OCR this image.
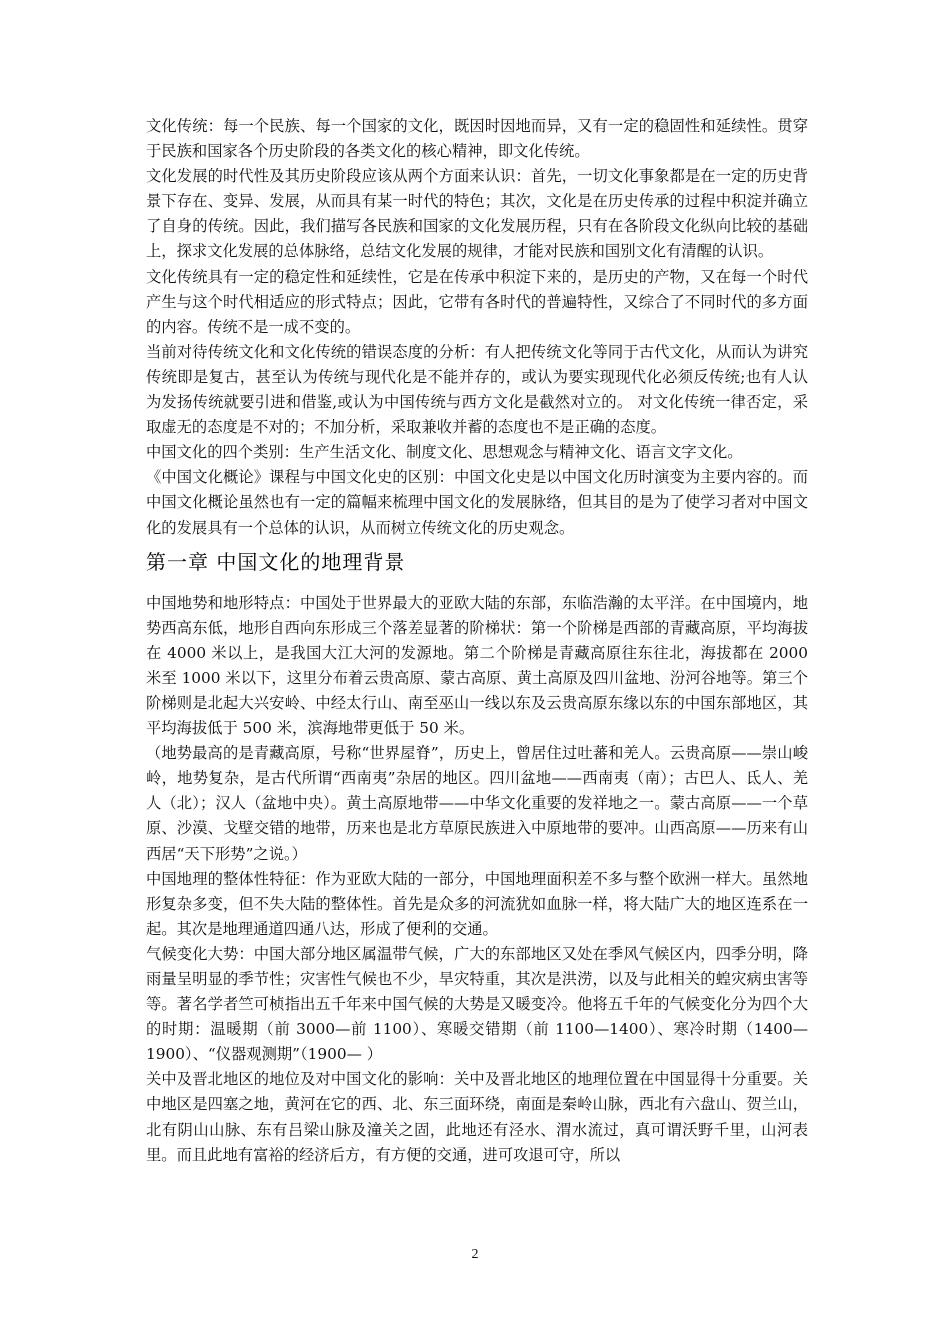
文化传统：每一个民族、每一个国家的文化，既因时因地而异，又有一定的稳固性和延续性。贯穿于民族和国家各个历史阶段的各类文化的核心精神，即文化传统。

文化发展的时代性及其历史阶段应该从两个方面来认识：首先，一切文化事象都是在一定的历史背景下存在、变异、发展，从而具有某一时代的特色；其次，文化是在历史传承的过程中积淀并确立了自身的传统。因此，我们描写各民族和国家的文化发展历程，只有在各阶段文化纵向比较的基础上，探求文化发展的总体脉络，总结文化发展的规律，才能对民族和国别文化有清醒的认识。

文化传统具有一定的稳定性和延续性，它是在传承中积淀下来的，是历史的产物，又在每一个时代产生与这个时代相适应的形式特点；因此，它带有各时代的普遍特性，又综合了不同时代的多方面的内容。传统不是一成不变的。

当前对待传统文化和文化传统的错误态度的分析：有人把传统文化等同于古代文化，从而认为讲究传统即是复古，甚至认为传统与现代化是不能并存的，或认为要实现现代化必须反传统;也有人认为发扬传统就要引进和借鉴,或认为中国传统与西方文化是截然对立的。 对文化传统一律否定，采取虚无的态度是不对的；不加分析，采取兼收并蓄的态度也不是正确的态度。

中国文化的四个类别：生产生活文化、制度文化、思想观念与精神文化、语言文字文化。

《中国文化概论》课程与中国文化史的区别：中国文化史是以中国文化历时演变为主要内容的。而中国文化概论虽然也有一定的篇幅来梳理中国文化的发展脉络，但其目的是为了使学习者对中国文化的发展具有一个总体的认识，从而树立传统文化的历史观念。

第一章 中国文化的地理背景

中国地势和地形特点：中国处于世界最大的亚欧大陆的东部，东临浩瀚的太平洋。在中国境内，地势西高东低，地形自西向东形成三个落差显著的阶梯状：第一个阶梯是西部的青藏高原，平均海拔在 4000 米以上，是我国大江大河的发源地。第二个阶梯是青藏高原往东往北，海拔都在 2000 米至 1000 米以下，这里分布着云贵高原、蒙古高原、黄土高原及四川盆地、汾河谷地等。第三个阶梯则是北起大兴安岭、中经太行山、南至巫山一线以东及云贵高原东缘以东的中国东部地区，其平均海拔低于 500 米，滨海地带更低于 50 米。

（地势最高的是青藏高原，号称“世界屋脊”，历史上，曾居住过吐蕃和羌人。云贵高原——崇山峻岭，地势复杂，是古代所谓“西南夷”杂居的地区。四川盆地——西南夷（南）；古巴人、氐人、羌人（北）；汉人（盆地中央）。黄土高原地带——中华文化重要的发祥地之一。蒙古高原——一个草原、沙漠、戈壁交错的地带，历来也是北方草原民族进入中原地带的要冲。山西高原——历来有山西居“天下形势”之说。）

中国地理的整体性特征：作为亚欧大陆的一部分，中国地理面积差不多与整个欧洲一样大。虽然地形复杂多变，但不失大陆的整体性。首先是众多的河流犹如血脉一样，将大陆广大的地区连系在一起。其次是地理通道四通八达，形成了便利的交通。

气候变化大势：中国大部分地区属温带气候，广大的东部地区又处在季风气候区内，四季分明，降雨量呈明显的季节性；灾害性气候也不少，旱灾特重，其次是洪涝，以及与此相关的蝗灾病虫害等等。著名学者竺可桢指出五千年来中国气候的大势是又暖变冷。他将五千年的气候变化分为四个大的时期：温暖期（前 3000—前 1100）、寒暖交错期（前 1100—1400）、寒冷时期（1400—1900）、“仪器观测期”（1900— ）

关中及晋北地区的地位及对中国文化的影响：关中及晋北地区的地理位置在中国显得十分重要。关中地区是四塞之地，黄河在它的西、北、东三面环绕，南面是秦岭山脉，西北有六盘山、贺兰山，北有阴山山脉、东有吕梁山脉及潼关之固，此地还有泾水、渭水流过，真可谓沃野千里，山河表里。而且此地有富裕的经济后方，有方便的交通，进可攻退可守，所以

2
